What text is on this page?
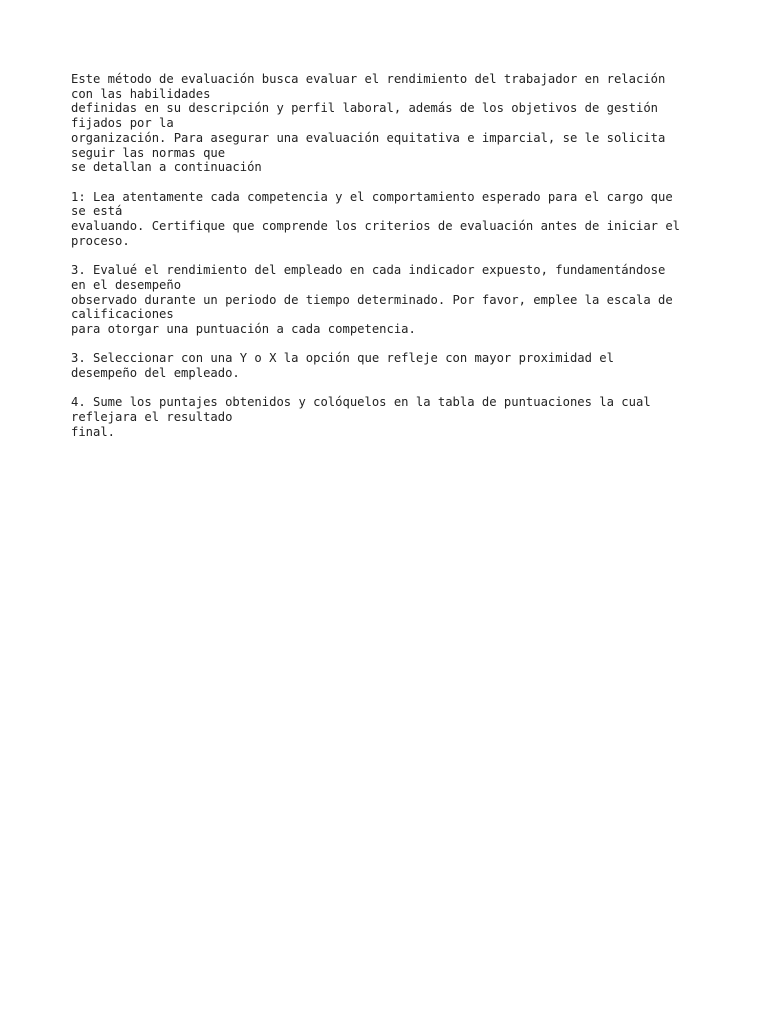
Este método de evaluación busca evaluar el rendimiento del trabajador en relación
con las habilidades
definidas en su descripción y perfil laboral, además de los objetivos de gestión
fijados por la
organización. Para asegurar una evaluación equitativa e imparcial, se le solicita
seguir las normas que
se detallan a continuación
1: Lea atentamente cada competencia y el comportamiento esperado para el cargo que
se está
evaluando. Certifique que comprende los criterios de evaluación antes de iniciar el
proceso.
3. Evalué el rendimiento del empleado en cada indicador expuesto, fundamentándose
en el desempeño
observado durante un periodo de tiempo determinado. Por favor, emplee la escala de
calificaciones
para otorgar una puntuación a cada competencia.
3. Seleccionar con una Y o X la opción que refleje con mayor proximidad el
desempeño del empleado.
4. Sume los puntajes obtenidos y colóquelos en la tabla de puntuaciones la cual
reflejara el resultado
final.
